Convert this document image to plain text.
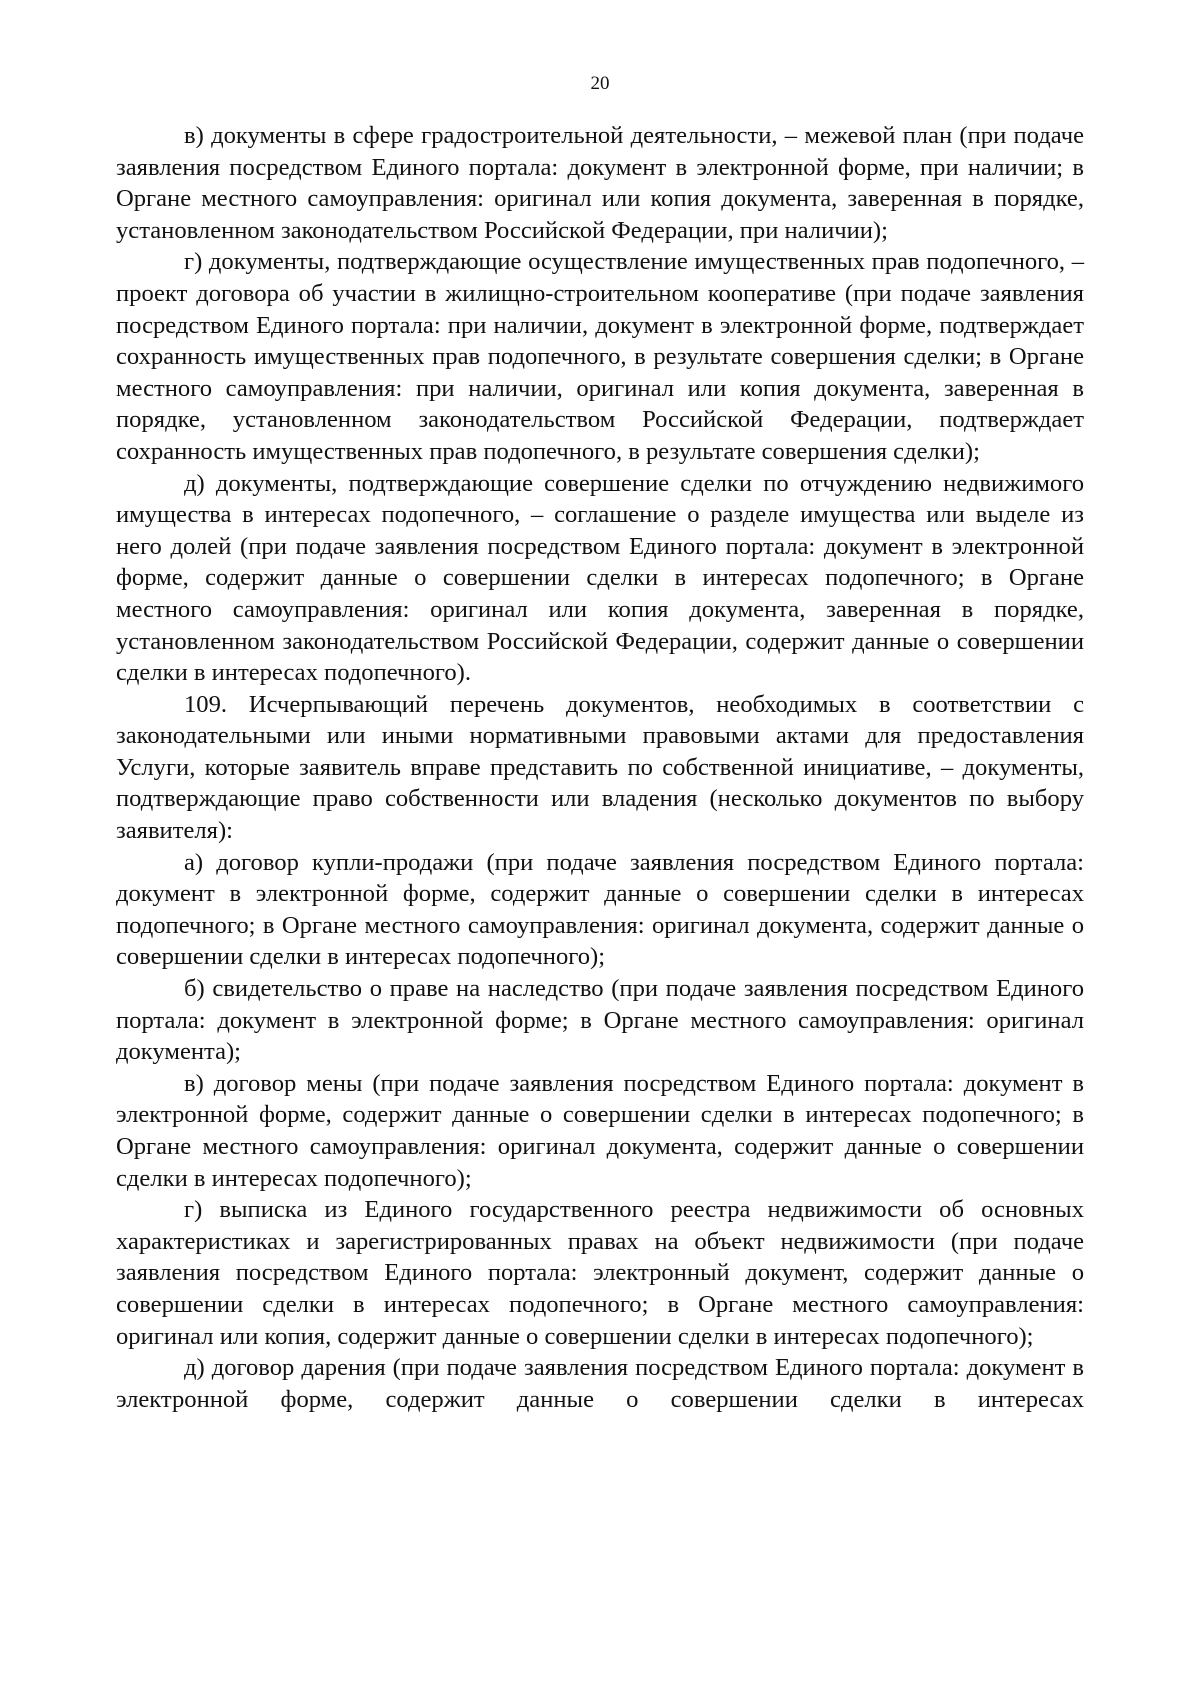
20

в) документы в сфере градостроительной деятельности, – межевой план (при подаче заявления посредством Единого портала: документ в электронной форме, при наличии; в Органе местного самоуправления: оригинал или копия документа, заверенная в порядке, установленном законодательством Российской Федерации, при наличии);

г) документы, подтверждающие осуществление имущественных прав подопечного, – проект договора об участии в жилищно-строительном кооперативе (при подаче заявления посредством Единого портала: при наличии, документ в электронной форме, подтверждает сохранность имущественных прав подопечного, в результате совершения сделки; в Органе местного самоуправления: при наличии, оригинал или копия документа, заверенная в порядке, установленном законодательством Российской Федерации, подтверждает сохранность имущественных прав подопечного, в результате совершения сделки);

д) документы, подтверждающие совершение сделки по отчуждению недвижимого имущества в интересах подопечного, – соглашение о разделе имущества или выделе из него долей (при подаче заявления посредством Единого портала: документ в электронной форме, содержит данные о совершении сделки в интересах подопечного; в Органе местного самоуправления: оригинал или копия документа, заверенная в порядке, установленном законодательством Российской Федерации, содержит данные о совершении сделки в интересах подопечного).

109. Исчерпывающий перечень документов, необходимых в соответствии с законодательными или иными нормативными правовыми актами для предоставления Услуги, которые заявитель вправе представить по собственной инициативе, – документы, подтверждающие право собственности или владения (несколько документов по выбору заявителя):

а) договор купли-продажи (при подаче заявления посредством Единого портала: документ в электронной форме, содержит данные о совершении сделки в интересах подопечного; в Органе местного самоуправления: оригинал документа, содержит данные о совершении сделки в интересах подопечного);

б) свидетельство о праве на наследство (при подаче заявления посредством Единого портала: документ в электронной форме; в Органе местного самоуправления: оригинал документа);

в) договор мены (при подаче заявления посредством Единого портала: документ в электронной форме, содержит данные о совершении сделки в интересах подопечного; в Органе местного самоуправления: оригинал документа, содержит данные о совершении сделки в интересах подопечного);

г) выписка из Единого государственного реестра недвижимости об основных характеристиках и зарегистрированных правах на объект недвижимости (при подаче заявления посредством Единого портала: электронный документ, содержит данные о совершении сделки в интересах подопечного; в Органе местного самоуправления: оригинал или копия, содержит данные о совершении сделки в интересах подопечного);

д) договор дарения (при подаче заявления посредством Единого портала: документ в электронной форме, содержит данные о совершении сделки в интересах
